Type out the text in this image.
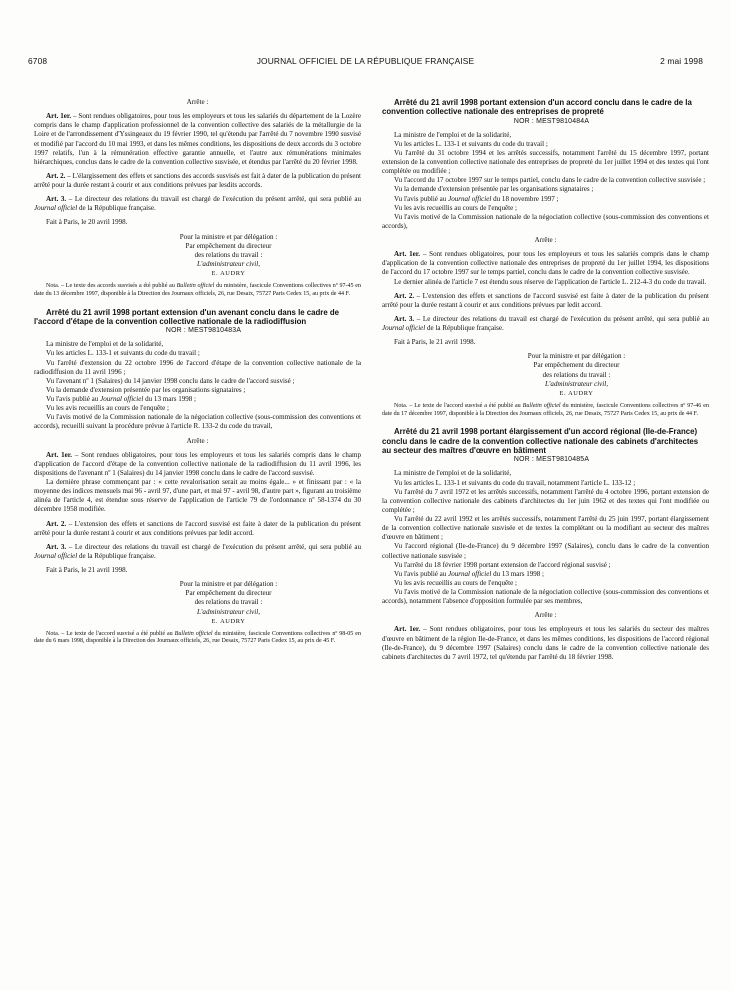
6708	JOURNAL OFFICIEL DE LA RÉPUBLIQUE FRANÇAISE	2 mai 1998

Arrête :

Art. 1er. – Sont rendues obligatoires, pour tous les employeurs et tous les salariés du département de la Lozère compris dans le champ d'application professionnel de la convention collective des salariés de la métallurgie de la Loire et de l'arrondissement d'Yssingeaux du 19 février 1990, tel qu'étendu par l'arrêté du 7 novembre 1990 susvisé et modifié par l'accord du 10 mai 1993, et dans les mêmes conditions, les dispositions de deux accords du 3 octobre 1997 relatifs, l'un à la rémunération effective garantie annuelle, et l'autre aux rémunérations minimales hiérarchiques, conclus dans le cadre de la convention collective susvisée, et étendus par l'arrêté du 20 février 1998.

Art. 2. – L'élargissement des effets et sanctions des accords susvisés est fait à dater de la publication du présent arrêté pour la durée restant à courir et aux conditions prévues par lesdits accords.

Art. 3. – Le directeur des relations du travail est chargé de l'exécution du présent arrêté, qui sera publié au Journal officiel de la République française.

Fait à Paris, le 20 avril 1998.

Pour la ministre et par délégation :

Par empêchement du directeur

des relations du travail :

L'administrateur civil,

E. AUDRY

Nota. – Le texte des accords susvisés a été publié au Bulletin officiel du ministère, fascicule Conventions collectives nº 97-45 en date du 13 décembre 1997, disponible à la Direction des Journaux officiels, 26, rue Desaix, 75727 Paris Cedex 15, au prix de 44 F.

Arrêté du 21 avril 1998 portant extension d'un avenant conclu dans le cadre de l'accord d'étape de la convention collective nationale de la radiodiffusion

NOR : MEST9810483A

La ministre de l'emploi et de la solidarité,

Vu les articles L. 133-1 et suivants du code du travail ;

Vu l'arrêté d'extension du 22 octobre 1996 de l'accord d'étape de la convention collective nationale de la radiodiffusion du 11 avril 1996 ;

Vu l'avenant nº 1 (Salaires) du 14 janvier 1998 conclu dans le cadre de l'accord susvisé ;

Vu la demande d'extension présentée par les organisations signataires ;

Vu l'avis publié au Journal officiel du 13 mars 1998 ;

Vu les avis recueillis au cours de l'enquête ;

Vu l'avis motivé de la Commission nationale de la négociation collective (sous-commission des conventions et accords), recueilli suivant la procédure prévue à l'article R. 133-2 du code du travail,

Arrête :

Art. 1er. – Sont rendues obligatoires, pour tous les employeurs et tous les salariés compris dans le champ d'application de l'accord d'étape de la convention collective nationale de la radiodiffusion du 11 avril 1996, les dispositions de l'avenant nº 1 (Salaires) du 14 janvier 1998 conclu dans le cadre de l'accord susvisé.

La dernière phrase commençant par : « cette revalorisation serait au moins égale... » et finissant par : « la moyenne des indices mensuels mai 96 - avril 97, d'une part, et mai 97 - avril 98, d'autre part », figurant au troisième alinéa de l'article 4, est étendue sous réserve de l'application de l'article 79 de l'ordonnance nº 58-1374 du 30 décembre 1958 modifiée.

Art. 2. – L'extension des effets et sanctions de l'accord susvisé est faite à dater de la publication du présent arrêté pour la durée restant à courir et aux conditions prévues par ledit accord.

Art. 3. – Le directeur des relations du travail est chargé de l'exécution du présent arrêté, qui sera publié au Journal officiel de la République française.

Fait à Paris, le 21 avril 1998.

Pour la ministre et par délégation :

Par empêchement du directeur

des relations du travail :

L'administrateur civil,

E. AUDRY

Nota. – Le texte de l'accord susvisé a été publié au Bulletin officiel du ministère, fascicule Conventions collectives nº 98-05 en date du 6 mars 1998, disponible à la Direction des Journaux officiels, 26, rue Desaix, 75727 Paris Cedex 15, au prix de 45 F.

Arrêté du 21 avril 1998 portant extension d'un accord conclu dans le cadre de la convention collective nationale des entreprises de propreté

NOR : MEST9810484A

La ministre de l'emploi et de la solidarité,

Vu les articles L. 133-1 et suivants du code du travail ;

Vu l'arrêté du 31 octobre 1994 et les arrêtés successifs, notamment l'arrêté du 15 décembre 1997, portant extension de la convention collective nationale des entreprises de propreté du 1er juillet 1994 et des textes qui l'ont complétée ou modifiée ;

Vu l'accord du 17 octobre 1997 sur le temps partiel, conclu dans le cadre de la convention collective susvisée ;

Vu la demande d'extension présentée par les organisations signataires ;

Vu l'avis publié au Journal officiel du 18 novembre 1997 ;

Vu les avis recueillis au cours de l'enquête ;

Vu l'avis motivé de la Commission nationale de la négociation collective (sous-commission des conventions et accords),

Arrête :

Art. 1er. – Sont rendues obligatoires, pour tous les employeurs et tous les salariés compris dans le champ d'application de la convention collective nationale des entreprises de propreté du 1er juillet 1994, les dispositions de l'accord du 17 octobre 1997 sur le temps partiel, conclu dans le cadre de la convention collective susvisée.

Le dernier alinéa de l'article 7 est étendu sous réserve de l'application de l'article L. 212-4-3 du code du travail.

Art. 2. – L'extension des effets et sanctions de l'accord susvisé est faite à dater de la publication du présent arrêté pour la durée restant à courir et aux conditions prévues par ledit accord.

Art. 3. – Le directeur des relations du travail est chargé de l'exécution du présent arrêté, qui sera publié au Journal officiel de la République française.

Fait à Paris, le 21 avril 1998.

Pour la ministre et par délégation :

Par empêchement du directeur

des relations du travail :

L'administrateur civil,

E. AUDRY

Nota. – Le texte de l'accord susvisé a été publié au Bulletin officiel du ministère, fascicule Conventions collectives nº 97-46 en date du 17 décembre 1997, disponible à la Direction des Journaux officiels, 26, rue Desaix, 75727 Paris Cedex 15, au prix de 44 F.

Arrêté du 21 avril 1998 portant élargissement d'un accord régional (Ile-de-France) conclu dans le cadre de la convention collective nationale des cabinets d'architectes au secteur des maîtres d'œuvre en bâtiment

NOR : MEST9810485A

La ministre de l'emploi et de la solidarité,

Vu les articles L. 133-1 et suivants du code du travail, notamment l'article L. 133-12 ;

Vu l'arrêté du 7 avril 1972 et les arrêtés successifs, notamment l'arrêté du 4 octobre 1996, portant extension de la convention collective nationale des cabinets d'architectes du 1er juin 1962 et des textes qui l'ont modifiée ou complétée ;

Vu l'arrêté du 22 avril 1992 et les arrêtés successifs, notamment l'arrêté du 25 juin 1997, portant élargissement de la convention collective nationale susvisée et de textes la complétant ou la modifiant au secteur des maîtres d'œuvre en bâtiment ;

Vu l'accord régional (Ile-de-France) du 9 décembre 1997 (Salaires), conclu dans le cadre de la convention collective nationale susvisée ;

Vu l'arrêté du 18 février 1998 portant extension de l'accord régional susvisé ;

Vu l'avis publié au Journal officiel du 13 mars 1998 ;

Vu les avis recueillis au cours de l'enquête ;

Vu l'avis motivé de la Commission nationale de la négociation collective (sous-commission des conventions et accords), notamment l'absence d'opposition formulée par ses membres,

Arrête :

Art. 1er. – Sont rendues obligatoires, pour tous les employeurs et tous les salariés du secteur des maîtres d'œuvre en bâtiment de la région Ile-de-France, et dans les mêmes conditions, les dispositions de l'accord régional (Ile-de-France), du 9 décembre 1997 (Salaires) conclu dans le cadre de la convention collective nationale des cabinets d'architectes du 7 avril 1972, tel qu'étendu par l'arrêté du 18 février 1998.
